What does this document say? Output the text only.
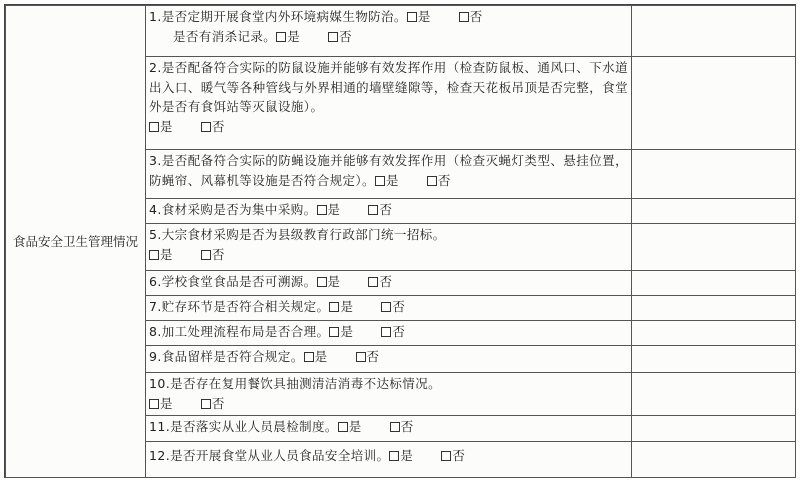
食品安全卫生管理情况	1.是否定期开展食堂内外环境病媒生物防治。 是 否
是否有消杀记录。 是 否	

	2.是否配备符合实际的防鼠设施并能够有效发挥作用（检查防鼠板、通风口、下水道出入口、暖气等各种管线与外界相通的墙壁缝隙等，检查天花板吊顶是否完整，食堂外是否有食饵站等灭鼠设施）。
是 否	

	3.是否配备符合实际的防蝇设施并能够有效发挥作用（检查灭蝇灯类型、悬挂位置，防蝇帘、风幕机等设施是否符合规定）。 是 否	

	4.食材采购是否为集中采购。 是 否	

	5.大宗食材采购是否为县级教育行政部门统一招标。
是 否	

	6.学校食堂食品是否可溯源。 是 否	

	7.贮存环节是否符合相关规定。 是 否	

	8.加工处理流程布局是否合理。 是 否	

	9.食品留样是否符合规定。 是 否	

	10.是否存在复用餐饮具抽测清洁消毒不达标情况。
是 否	

	11.是否落实从业人员晨检制度。 是 否	

	12.是否开展食堂从业人员食品安全培训。 是 否	
